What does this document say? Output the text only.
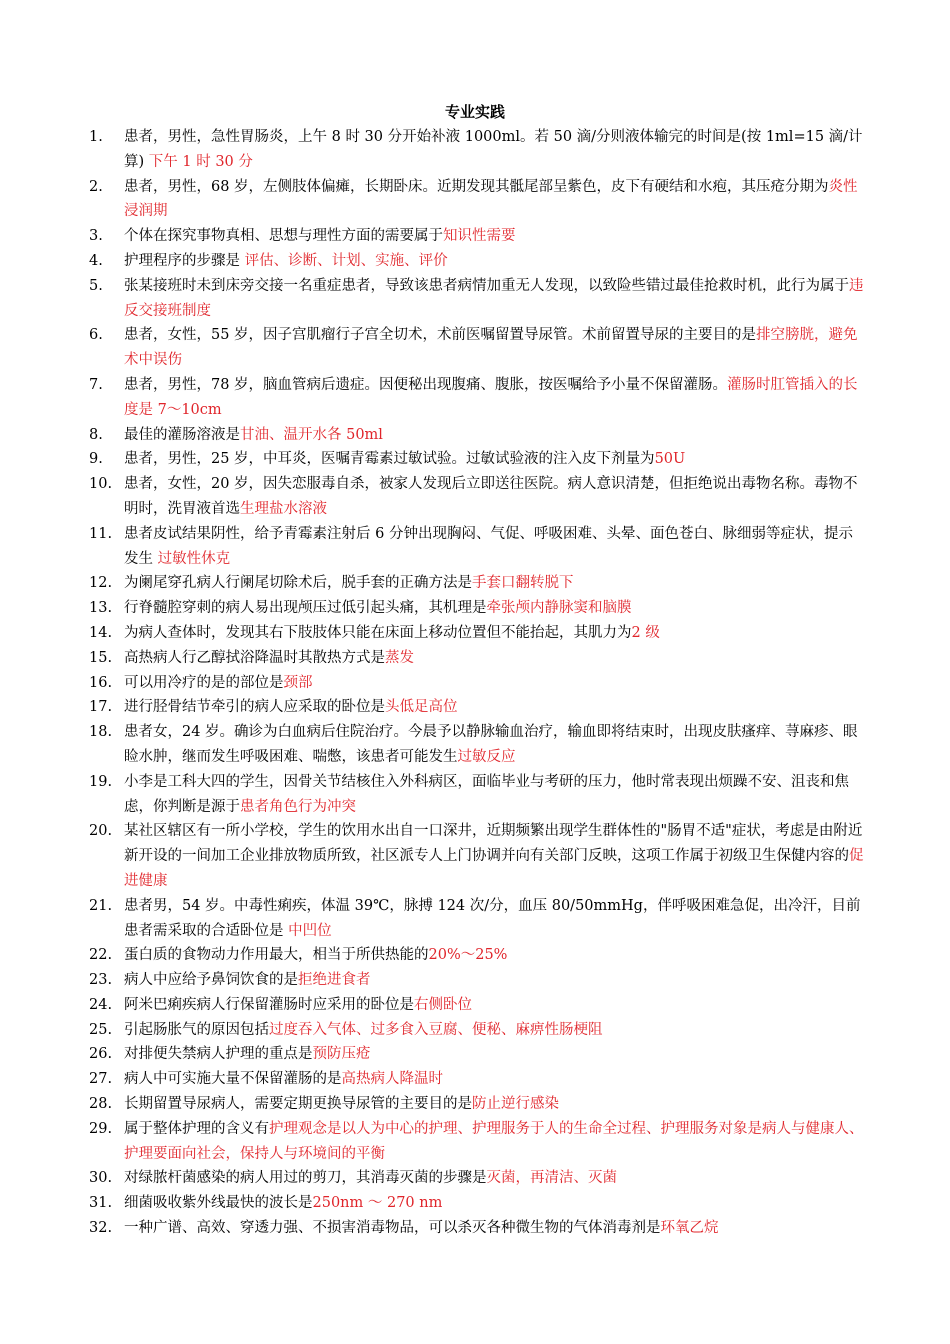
专业实践
1. 患者，男性，急性胃肠炎，上午 8 时 30 分开始补液 1000ml。若 50 滴/分则液体输完的时间是(按 1ml=15 滴/计算) 下午 1 时 30 分
2. 患者，男性，68 岁，左侧肢体偏瘫，长期卧床。近期发现其骶尾部呈紫色，皮下有硬结和水疱，其压疮分期为炎性浸润期
3. 个体在探究事物真相、思想与理性方面的需要属于知识性需要
4. 护理程序的步骤是 评估、诊断、计划、实施、评价
5. 张某接班时未到床旁交接一名重症患者，导致该患者病情加重无人发现，以致险些错过最佳抢救时机，此行为属于违反交接班制度
6. 患者，女性，55 岁，因子宫肌瘤行子宫全切术，术前医嘱留置导尿管。术前留置导尿的主要目的是排空膀胱，避免术中误伤
7. 患者，男性，78 岁，脑血管病后遗症。因便秘出现腹痛、腹胀，按医嘱给予小量不保留灌肠。灌肠时肛管插入的长度是 7～10cm
8. 最佳的灌肠溶液是甘油、温开水各 50ml
9. 患者，男性，25 岁，中耳炎，医嘱青霉素过敏试验。过敏试验液的注入皮下剂量为50U
10. 患者，女性，20 岁，因失恋服毒自杀，被家人发现后立即送往医院。病人意识清楚，但拒绝说出毒物名称。毒物不明时，洗胃液首选生理盐水溶液
11. 患者皮试结果阴性，给予青霉素注射后 6 分钟出现胸闷、气促、呼吸困难、头晕、面色苍白、脉细弱等症状，提示发生 过敏性休克
12. 为阑尾穿孔病人行阑尾切除术后，脱手套的正确方法是手套口翻转脱下
13. 行脊髓腔穿刺的病人易出现颅压过低引起头痛，其机理是牵张颅内静脉窦和脑膜
14. 为病人查体时，发现其右下肢肢体只能在床面上移动位置但不能抬起，其肌力为2 级
15. 高热病人行乙醇拭浴降温时其散热方式是蒸发
16. 可以用冷疗的是的部位是颈部
17. 进行胫骨结节牵引的病人应采取的卧位是头低足高位
18. 患者女，24 岁。确诊为白血病后住院治疗。今晨予以静脉输血治疗，输血即将结束时，出现皮肤瘙痒、荨麻疹、眼睑水肿，继而发生呼吸困难、喘憋，该患者可能发生过敏反应
19. 小李是工科大四的学生，因骨关节结核住入外科病区，面临毕业与考研的压力，他时常表现出烦躁不安、沮丧和焦虑，你判断是源于患者角色行为冲突
20. 某社区辖区有一所小学校，学生的饮用水出自一口深井，近期频繁出现学生群体性的"肠胃不适"症状，考虑是由附近新开设的一间加工企业排放物质所致，社区派专人上门协调并向有关部门反映，这项工作属于初级卫生保健内容的促进健康
21. 患者男，54 岁。中毒性痢疾，体温 39℃，脉搏 124 次/分，血压 80/50mmHg，伴呼吸困难急促，出冷汗，目前患者需采取的合适卧位是 中凹位
22. 蛋白质的食物动力作用最大，相当于所供热能的20%～25%
23. 病人中应给予鼻饲饮食的是拒绝进食者
24. 阿米巴痢疾病人行保留灌肠时应采用的卧位是右侧卧位
25. 引起肠胀气的原因包括过度吞入气体、过多食入豆腐、便秘、麻痹性肠梗阻
26. 对排便失禁病人护理的重点是预防压疮
27. 病人中可实施大量不保留灌肠的是高热病人降温时
28. 长期留置导尿病人，需要定期更换导尿管的主要目的是防止逆行感染
29. 属于整体护理的含义有护理观念是以人为中心的护理、护理服务于人的生命全过程、护理服务对象是病人与健康人、护理要面向社会，保持人与环境间的平衡
30. 对绿脓杆菌感染的病人用过的剪刀，其消毒灭菌的步骤是灭菌，再清洁、灭菌
31. 细菌吸收紫外线最快的波长是250nm ～ 270 nm
32. 一种广谱、高效、穿透力强、不损害消毒物品，可以杀灭各种微生物的气体消毒剂是环氧乙烷
